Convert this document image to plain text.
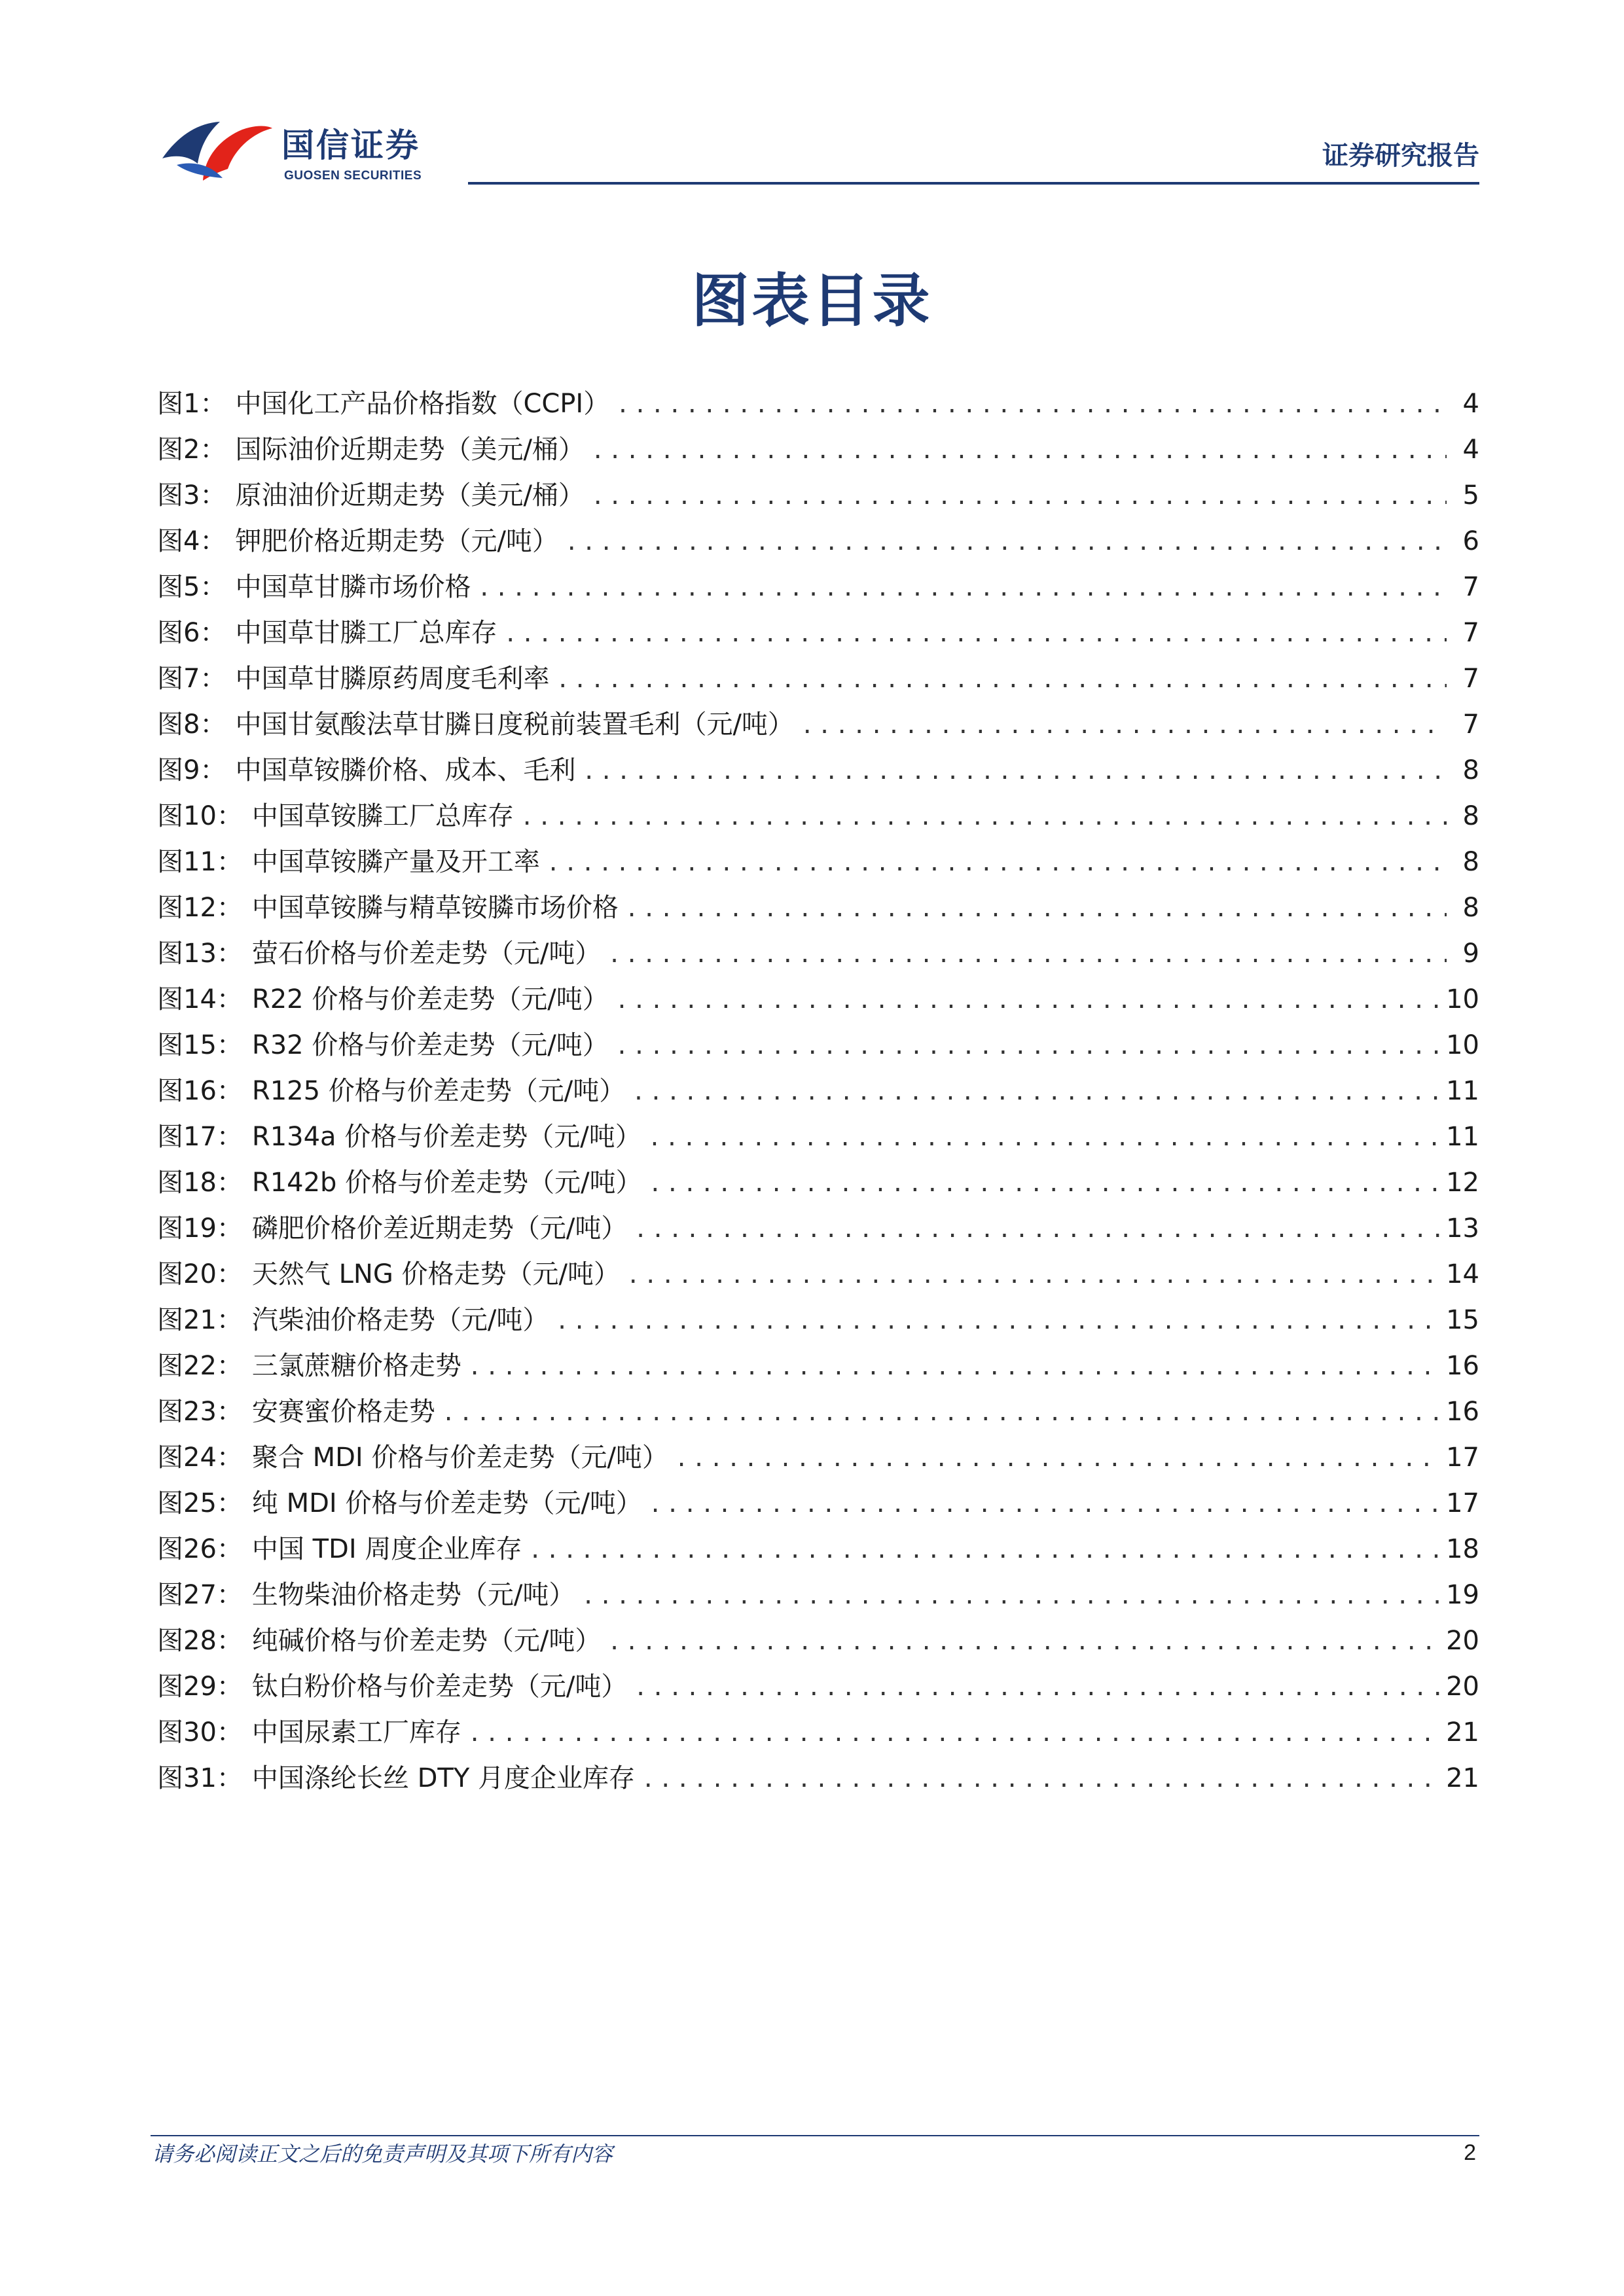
国信证券
GUOSEN SECURITIES
证券研究报告
图表目录
图1： 中国化工产品价格指数（CCPI） .....	4
图2： 国际油价近期走势（美元/桶） .....	4
图3： 原油油价近期走势（美元/桶） .....	5
图4： 钾肥价格近期走势（元/吨） .....	6
图5： 中国草甘膦市场价格 .....	7
图6： 中国草甘膦工厂总库存 .....	7
图7： 中国草甘膦原药周度毛利率 .....	7
图8： 中国甘氨酸法草甘膦日度税前装置毛利（元/吨） .....	7
图9： 中国草铵膦价格、成本、毛利 .....	8
图10： 中国草铵膦工厂总库存 .....	8
图11： 中国草铵膦产量及开工率 .....	8
图12： 中国草铵膦与精草铵膦市场价格 .....	8
图13： 萤石价格与价差走势（元/吨） .....	9
图14： R22 价格与价差走势（元/吨） .....	10
图15： R32 价格与价差走势（元/吨） .....	10
图16： R125 价格与价差走势（元/吨） .....	11
图17： R134a 价格与价差走势（元/吨） .....	11
图18： R142b 价格与价差走势（元/吨） .....	12
图19： 磷肥价格价差近期走势（元/吨） .....	13
图20： 天然气 LNG 价格走势（元/吨） .....	14
图21： 汽柴油价格走势（元/吨） .....	15
图22： 三氯蔗糖价格走势 .....	16
图23： 安赛蜜价格走势 .....	16
图24： 聚合 MDI 价格与价差走势（元/吨） .....	17
图25： 纯 MDI 价格与价差走势（元/吨） .....	17
图26： 中国 TDI 周度企业库存 .....	18
图27： 生物柴油价格走势（元/吨） .....	19
图28： 纯碱价格与价差走势（元/吨） .....	20
图29： 钛白粉价格与价差走势（元/吨） .....	20
图30： 中国尿素工厂库存 .....	21
图31： 中国涤纶长丝 DTY 月度企业库存 .....	21
请务必阅读正文之后的免责声明及其项下所有内容	2
